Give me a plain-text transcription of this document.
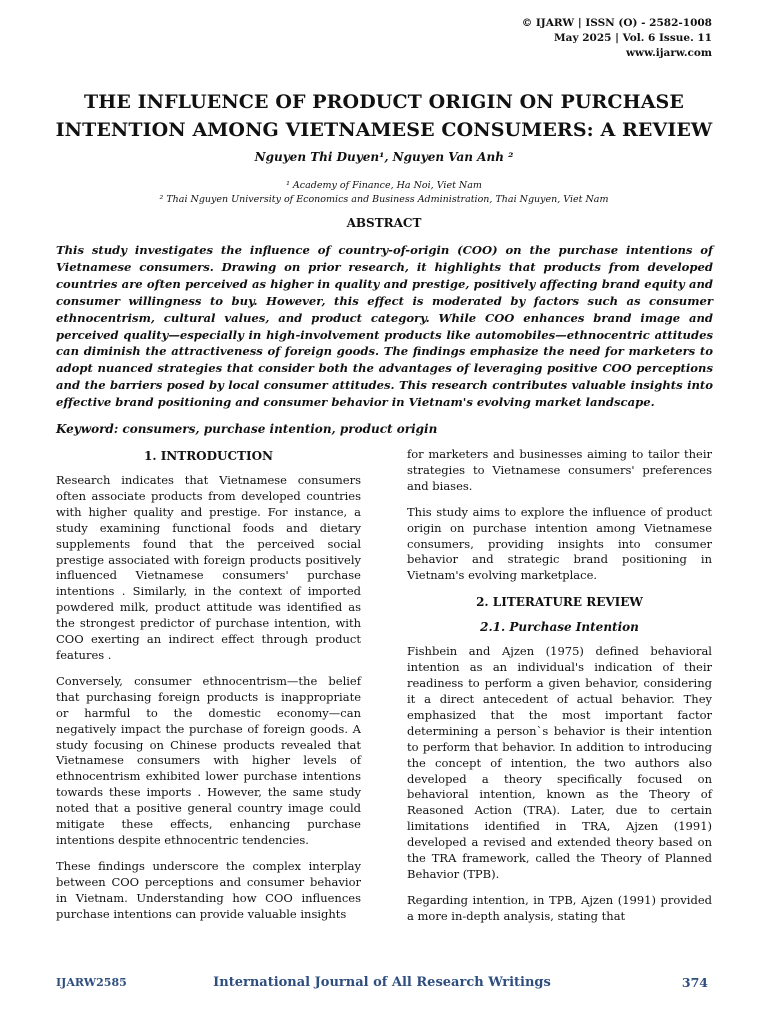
© IJARW | ISSN (O) - 2582-1008
May 2025 | Vol. 6 Issue. 11
www.ijarw.com
THE INFLUENCE OF PRODUCT ORIGIN ON PURCHASE
INTENTION AMONG VIETNAMESE CONSUMERS: A REVIEW
Nguyen Thi Duyen¹, Nguyen Van Anh ²
¹ Academy of Finance, Ha Noi, Viet Nam
² Thai Nguyen University of Economics and Business Administration, Thai Nguyen, Viet Nam
ABSTRACT

This study investigates the influence of country-of-origin (COO) on the purchase intentions of Vietnamese consumers. Drawing on prior research, it highlights that products from developed countries are often perceived as higher in quality and prestige, positively affecting brand equity and consumer willingness to buy. However, this effect is moderated by factors such as consumer ethnocentrism, cultural values, and product category. While COO enhances brand image and perceived quality—especially in high-involvement products like automobiles—ethnocentric attitudes can diminish the attractiveness of foreign goods. The findings emphasize the need for marketers to adopt nuanced strategies that consider both the advantages of leveraging positive COO perceptions and the barriers posed by local consumer attitudes. This research contributes valuable insights into effective brand positioning and consumer behavior in Vietnam's evolving market landscape.

Keyword: consumers, purchase intention, product origin
1. INTRODUCTION

Research indicates that Vietnamese consumers often associate products from developed countries with higher quality and prestige. For instance, a study examining functional foods and dietary supplements found that the perceived social prestige associated with foreign products positively influenced Vietnamese consumers' purchase intentions . Similarly, in the context of imported powdered milk, product attitude was identified as the strongest predictor of purchase intention, with COO exerting an indirect effect through product features .

Conversely, consumer ethnocentrism—the belief that purchasing foreign products is inappropriate or harmful to the domestic economy—can negatively impact the purchase of foreign goods. A study focusing on Chinese products revealed that Vietnamese consumers with higher levels of ethnocentrism exhibited lower purchase intentions towards these imports . However, the same study noted that a positive general country image could mitigate these effects, enhancing purchase intentions despite ethnocentric tendencies.

These findings underscore the complex interplay between COO perceptions and consumer behavior in Vietnam. Understanding how COO influences purchase intentions can provide valuable insights

for marketers and businesses aiming to tailor their strategies to Vietnamese consumers' preferences and biases.

This study aims to explore the influence of product origin on purchase intention among Vietnamese consumers, providing insights into consumer behavior and strategic brand positioning in Vietnam's evolving marketplace.

2. LITERATURE REVIEW
2.1. Purchase Intention

Fishbein and Ajzen (1975) defined behavioral intention as an individual's indication of their readiness to perform a given behavior, considering it a direct antecedent of actual behavior. They emphasized that the most important factor determining a person`s behavior is their intention to perform that behavior. In addition to introducing the concept of intention, the two authors also developed a theory specifically focused on behavioral intention, known as the Theory of Reasoned Action (TRA). Later, due to certain limitations identified in TRA, Ajzen (1991) developed a revised and extended theory based on the TRA framework, called the Theory of Planned Behavior (TPB).

Regarding intention, in TPB, Ajzen (1991) provided a more in-depth analysis, stating that

IJARW2585	International Journal of All Research Writings	374
